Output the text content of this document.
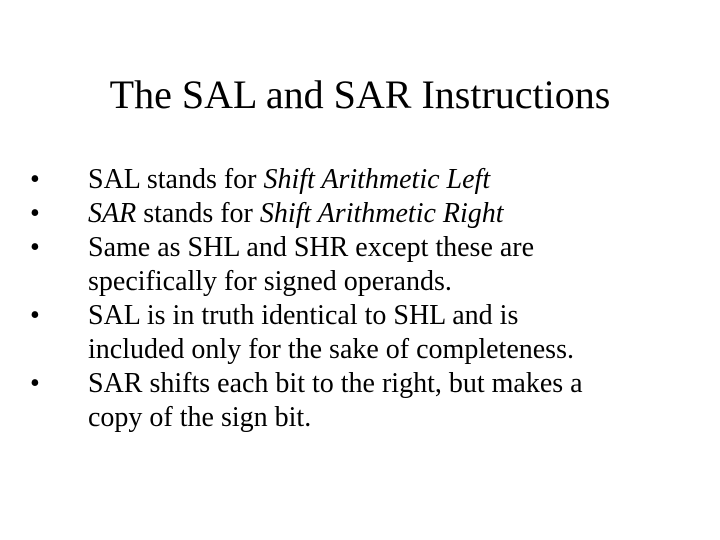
The SAL and SAR Instructions
•	SAL stands for Shift Arithmetic Left
•	SAR stands for Shift Arithmetic Right
•	Same as SHL and SHR except these are
specifically for signed operands.
•	SAL is in truth identical to SHL and is
included only for the sake of completeness.
•	SAR shifts each bit to the right, but makes a
copy of the sign bit.
